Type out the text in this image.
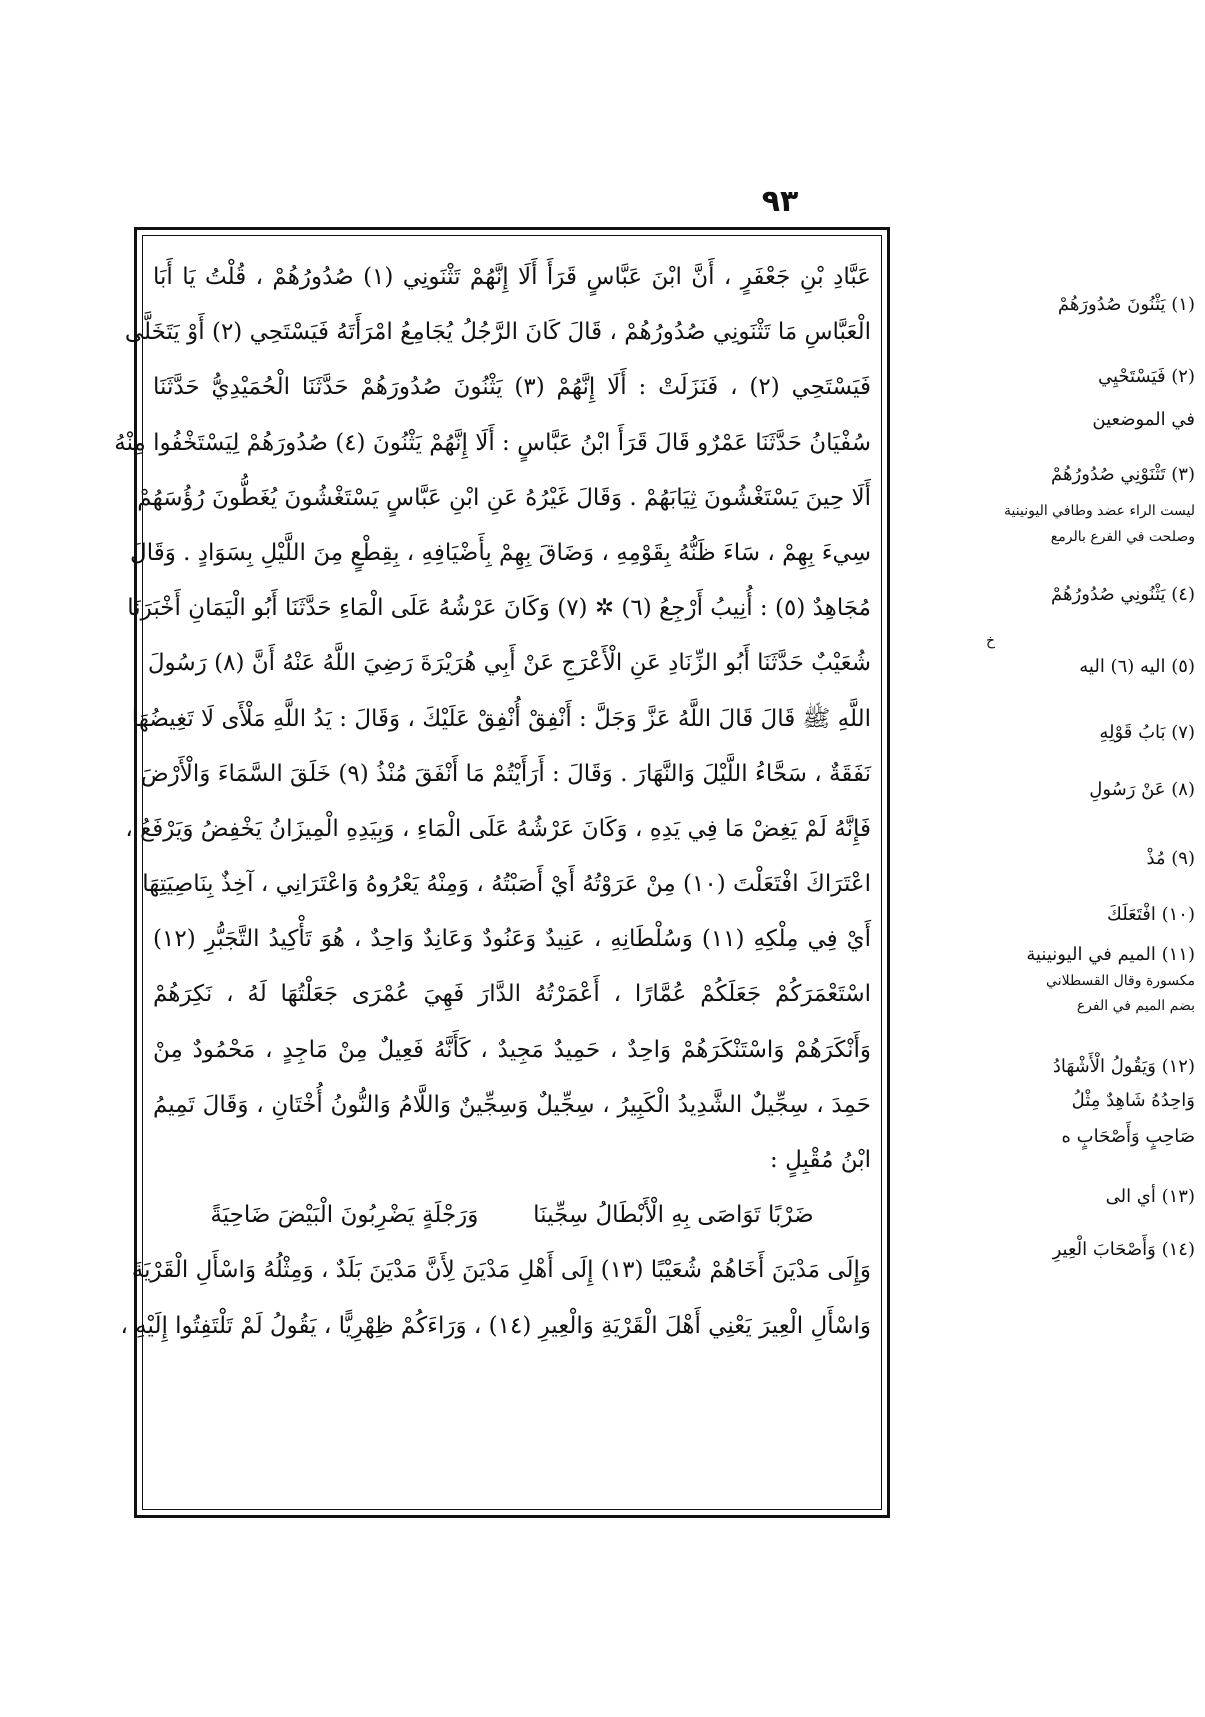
٩٣
عَبَّادِ بْنِ جَعْفَرٍ ، أَنَّ ابْنَ عَبَّاسٍ قَرَأَ أَلَا إِنَّهُمْ تَثْنَونِي (١) صُدُورُهُمْ ، قُلْتُ يَا أَبَا
الْعَبَّاسِ مَا تَثْنَونِي صُدُورُهُمْ ، قَالَ كَانَ الرَّجُلُ يُجَامِعُ امْرَأَتَهُ فَيَسْتَحِي (٢) أَوْ يَتَخَلَّى
فَيَسْتَحِي (٢) ، فَنَزَلَتْ : أَلَا إِنَّهُمْ (٣) يَثْنُونَ صُدُورَهُمْ حَدَّثَنَا الْحُمَيْدِيُّ حَدَّثَنَا
سُفْيَانُ حَدَّثَنَا عَمْرٌو قَالَ قَرَأَ ابْنُ عَبَّاسٍ : أَلَا إِنَّهُمْ يَثْنُونَ (٤) صُدُورَهُمْ لِيَسْتَخْفُوا مِنْهُ
أَلَا حِينَ يَسْتَغْشُونَ ثِيَابَهُمْ . وَقَالَ غَيْرُهُ عَنِ ابْنِ عَبَّاسٍ يَسْتَغْشُونَ يُغَطُّونَ رُؤُسَهُمْ
سِيءَ بِهِمْ ، سَاءَ ظَنُّهُ بِقَوْمِهِ ، وَضَاقَ بِهِمْ بِأَضْيَافِهِ ، بِقِطْعٍ مِنَ اللَّيْلِ بِسَوَادٍ . وَقَالَ
مُجَاهِدٌ (٥) : أُنِيبُ أَرْجِعُ (٦) ✲ (٧) وَكَانَ عَرْشُهُ عَلَى الْمَاءِ حَدَّثَنَا أَبُو الْيَمَانِ أَخْبَرَنَا
شُعَيْبٌ حَدَّثَنَا أَبُو الزِّنَادِ عَنِ الْأَعْرَجِ عَنْ أَبِي هُرَيْرَةَ رَضِيَ اللَّهُ عَنْهُ أَنَّ (٨) رَسُولَ
اللَّهِ ﷺ قَالَ قَالَ اللَّهُ عَزَّ وَجَلَّ : أَنْفِقْ أُنْفِقْ عَلَيْكَ ، وَقَالَ : يَدُ اللَّهِ مَلْأَى لَا تَغِيضُهَا
نَفَقَةٌ ، سَحَّاءُ اللَّيْلَ وَالنَّهَارَ . وَقَالَ : أَرَأَيْتُمْ مَا أَنْفَقَ مُنْذُ (٩) خَلَقَ السَّمَاءَ وَالْأَرْضَ
فَإِنَّهُ لَمْ يَغِضْ مَا فِي يَدِهِ ، وَكَانَ عَرْشُهُ عَلَى الْمَاءِ ، وَبِيَدِهِ الْمِيزَانُ يَخْفِضُ وَيَرْفَعُ ،
اعْتَرَاكَ افْتَعَلْتَ (١٠) مِنْ عَرَوْتُهُ أَيْ أَصَبْتُهُ ، وَمِنْهُ يَعْرُوهُ وَاعْتَرَانِي ، آخِذٌ بِنَاصِيَتِهَا
أَيْ فِي مِلْكِهِ (١١) وَسُلْطَانِهِ ، عَنِيدٌ وَعَنُودٌ وَعَانِدٌ وَاحِدٌ ، هُوَ تَأْكِيدُ التَّجَبُّرِ (١٢)
اسْتَعْمَرَكُمْ جَعَلَكُمْ عُمَّارًا ، أَعْمَرْتُهُ الدَّارَ فَهِيَ عُمْرَى جَعَلْتُهَا لَهُ ، نَكِرَهُمْ
وَأَنْكَرَهُمْ وَاسْتَنْكَرَهُمْ وَاحِدٌ ، حَمِيدٌ مَجِيدٌ ، كَأَنَّهُ فَعِيلٌ مِنْ مَاجِدٍ ، مَحْمُودٌ مِنْ
حَمِدَ ، سِجِّيلٌ الشَّدِيدُ الْكَبِيرُ ، سِجِّيلٌ وَسِجِّينٌ وَاللَّامُ وَالنُّونُ أُخْتَانِ ، وَقَالَ تَمِيمُ
ابْنُ مُقْبِلٍ :
وَرَجْلَةٍ يَضْرِبُونَ الْبَيْضَ ضَاحِيَةً ضَرْبًا تَوَاصَى بِهِ الْأَبْطَالُ سِجِّينَا
وَإِلَى مَدْيَنَ أَخَاهُمْ شُعَيْبًا (١٣) إِلَى أَهْلِ مَدْيَنَ لِأَنَّ مَدْيَنَ بَلَدٌ ، وَمِثْلُهُ وَاسْأَلِ الْقَرْيَةَ
وَاسْأَلِ الْعِيرَ يَعْنِي أَهْلَ الْقَرْيَةِ وَالْعِيرِ (١٤) ، وَرَاءَكُمْ ظِهْرِيًّا ، يَقُولُ لَمْ تَلْتَفِتُوا إِلَيْهِ ،
(١) يَثْنُونَ صُدُورَهُمْ
(٢) فَيَسْتَحْيِي
في الموضعين
(٣) تَثْنَوْنِي صُدُورُهُمْ
ليست الراء عضد وطافي اليونينية
وصلحت في الفرع بالرمع
(٤) يَثْنُونِي صُدُورُهُمْ
خ
(٥) اليه (٦) اليه
(٧) بَابُ قَوْلِهِ
(٨) عَنْ رَسُولِ
(٩) مُذْ
(١٠) افْتَعَلَكَ
(١١) الميم في اليونينية
مكسورة وقال القسطلاني
بضم الميم في الفرع
(١٢) وَيَقُولُ الْأَشْهَادُ
وَاحِدُهُ شَاهِدٌ مِثْلُ
صَاحِبٍ وَأَصْحَابٍ ه
(١٣) أي الى
(١٤) وَأَصْحَابَ الْعِيرِ
